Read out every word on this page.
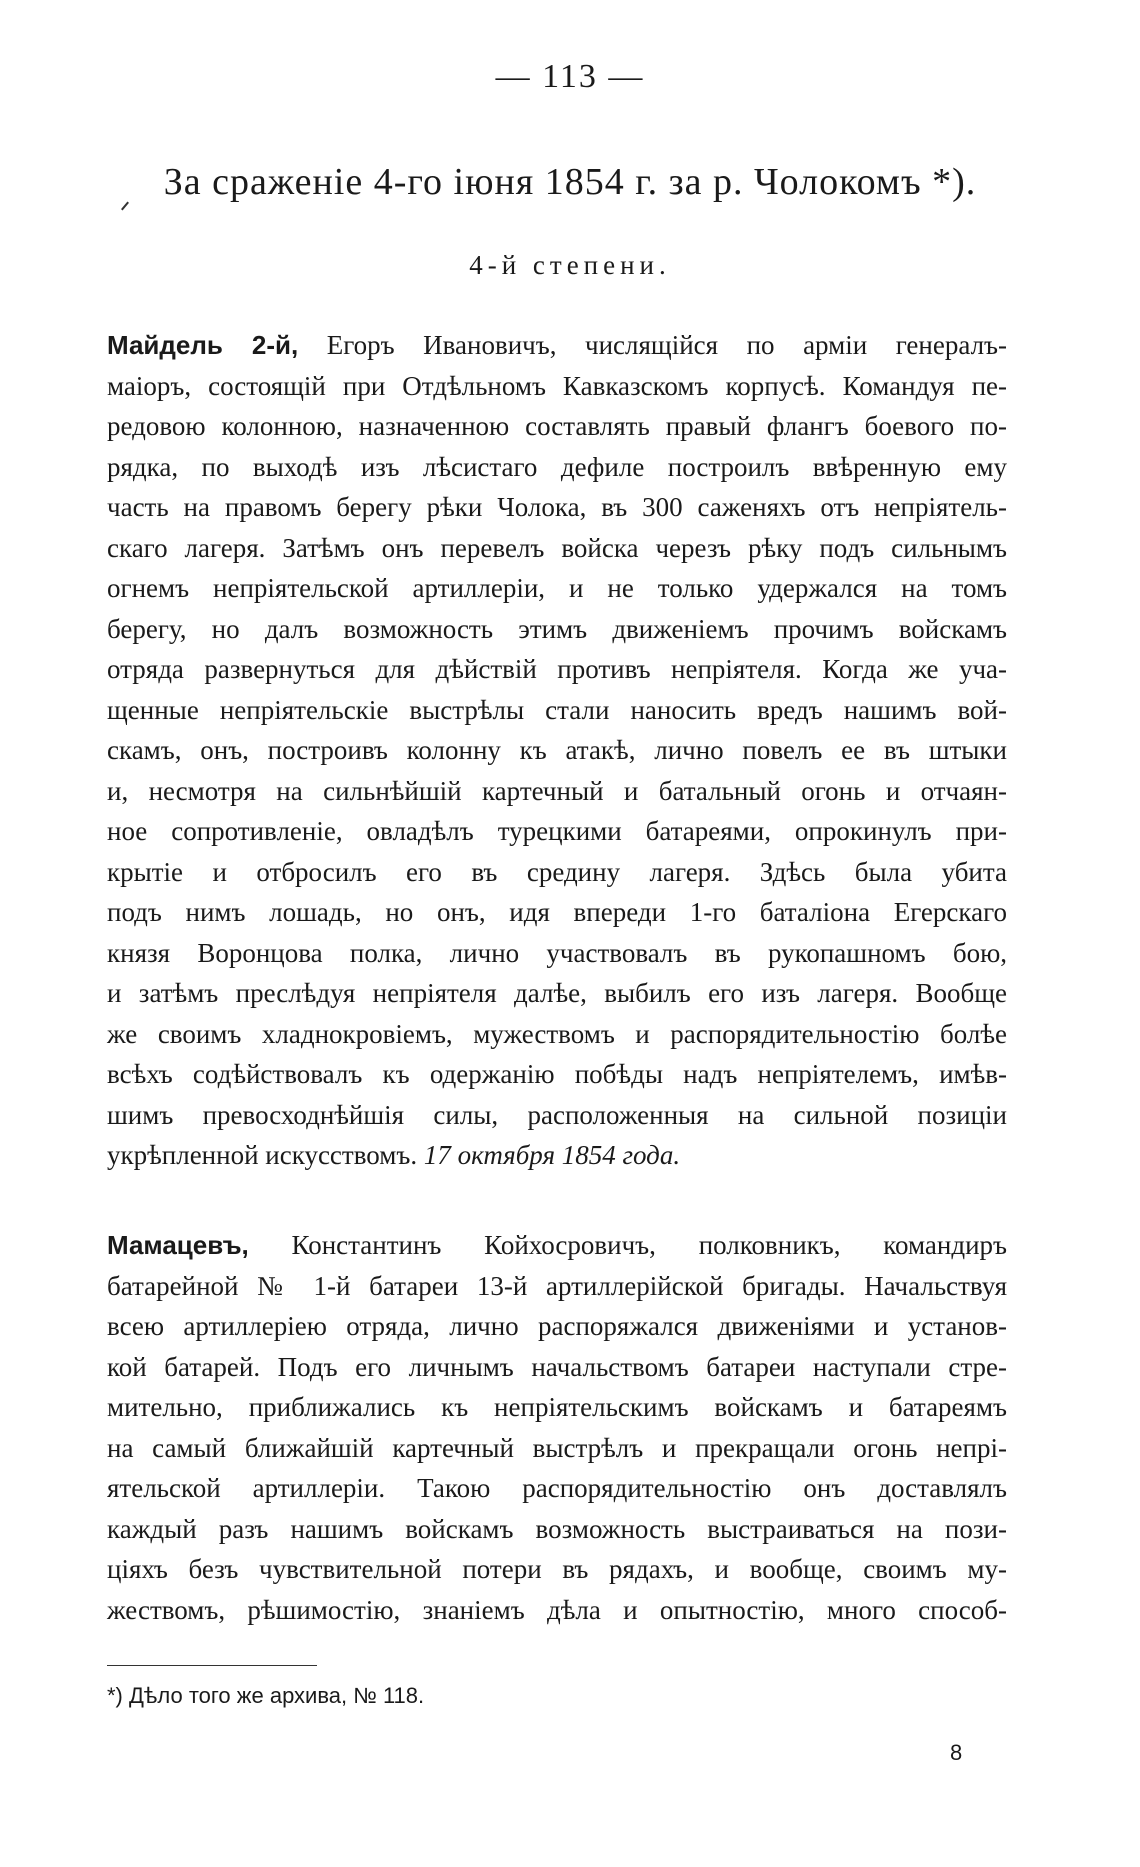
— 113 —
За сраженіе 4-го іюня 1854 г. за р. Чолокомъ *).
4-й степени.
Майдель 2-й, Егоръ Ивановичъ, числящійся по арміи генералъ-
маіоръ, состоящій при Отдѣльномъ Кавказскомъ корпусѣ. Командуя пе-
редовою колонною, назначенною составлять правый флангъ боевого по-
рядка, по выходѣ изъ лѣсистаго дефиле построилъ ввѣренную ему
часть на правомъ берегу рѣки Чолока, въ 300 саженяхъ отъ непріятель-
скаго лагеря. Затѣмъ онъ перевелъ войска черезъ рѣку подъ сильнымъ
огнемъ непріятельской артиллеріи, и не только удержался на томъ
берегу, но далъ возможность этимъ движеніемъ прочимъ войскамъ
отряда развернуться для дѣйствій противъ непріятеля. Когда же уча-
щенные непріятельскіе выстрѣлы стали наносить вредъ нашимъ вой-
скамъ, онъ, построивъ колонну къ атакѣ, лично повелъ ее въ штыки
и, несмотря на сильнѣйшій картечный и батальный огонь и отчаян-
ное сопротивленіе, овладѣлъ турецкими батареями, опрокинулъ при-
крытіе и отбросилъ его въ средину лагеря. Здѣсь была убита
подъ нимъ лошадь, но онъ, идя впереди 1-го баталіона Егерскаго
князя Воронцова полка, лично участвовалъ въ рукопашномъ бою,
и затѣмъ преслѣдуя непріятеля далѣе, выбилъ его изъ лагеря. Вообще
же своимъ хладнокровіемъ, мужествомъ и распорядительностію болѣе
всѣхъ содѣйствовалъ къ одержанію побѣды надъ непріятелемъ, имѣв-
шимъ превосходнѣйшія силы, расположенныя на сильной позиціи
укрѣпленной искусствомъ. 17 октября 1854 года.
Мамацевъ, Константинъ Койхосровичъ, полковникъ, командиръ
батарейной № 1-й батареи 13-й артиллерійской бригады. Начальствуя
всею артиллеріею отряда, лично распоряжался движеніями и установ-
кой батарей. Подъ его личнымъ начальствомъ батареи наступали стре-
мительно, приближались къ непріятельскимъ войскамъ и батареямъ
на самый ближайшій картечный выстрѣлъ и прекращали огонь непрі-
ятельской артиллеріи. Такою распорядительностію онъ доставлялъ
каждый разъ нашимъ войскамъ возможность выстраиваться на пози-
ціяхъ безъ чувствительной потери въ рядахъ, и вообще, своимъ му-
жествомъ, рѣшимостію, знаніемъ дѣла и опытностію, много способ-
*) Дѣло того же архива, № 118.
8
